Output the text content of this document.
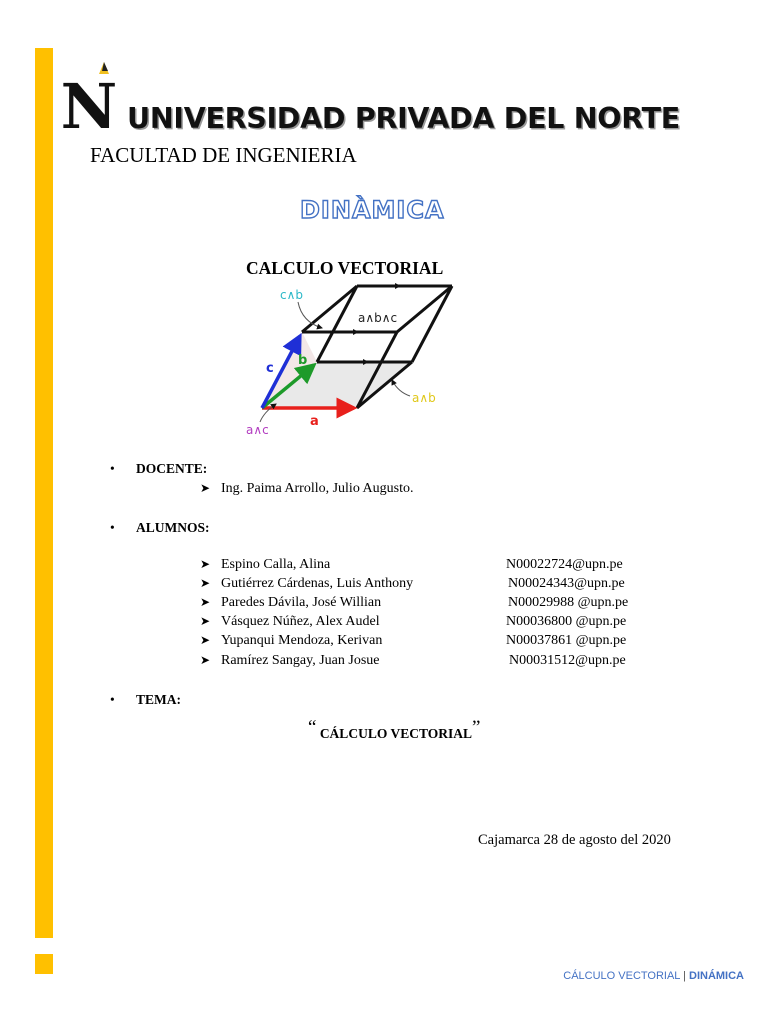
N UNIVERSIDAD PRIVADA DEL NORTE
FACULTAD DE INGENIERIA
DINÀMICA
CALCULO VECTORIAL
c∧b
a∧b∧c
c
b
a
a∧b
a∧c
• DOCENTE:
➤ Ing. Paima Arrollo, Julio Augusto.
• ALUMNOS:
➤ Espino Calla, Alina	N00022724@upn.pe
➤ Gutiérrez Cárdenas, Luis Anthony	N00024343@upn.pe
➤ Paredes Dávila, José Willian	N00029988 @upn.pe
➤ Vásquez Núñez, Alex Audel	N00036800 @upn.pe
➤ Yupanqui Mendoza, Kerivan	N00037861 @upn.pe
➤ Ramírez Sangay, Juan Josue	N00031512@upn.pe
• TEMA:
“ CÁLCULO VECTORIAL”
Cajamarca 28 de agosto del 2020
CÁLCULO VECTORIAL | DINÁMICA
